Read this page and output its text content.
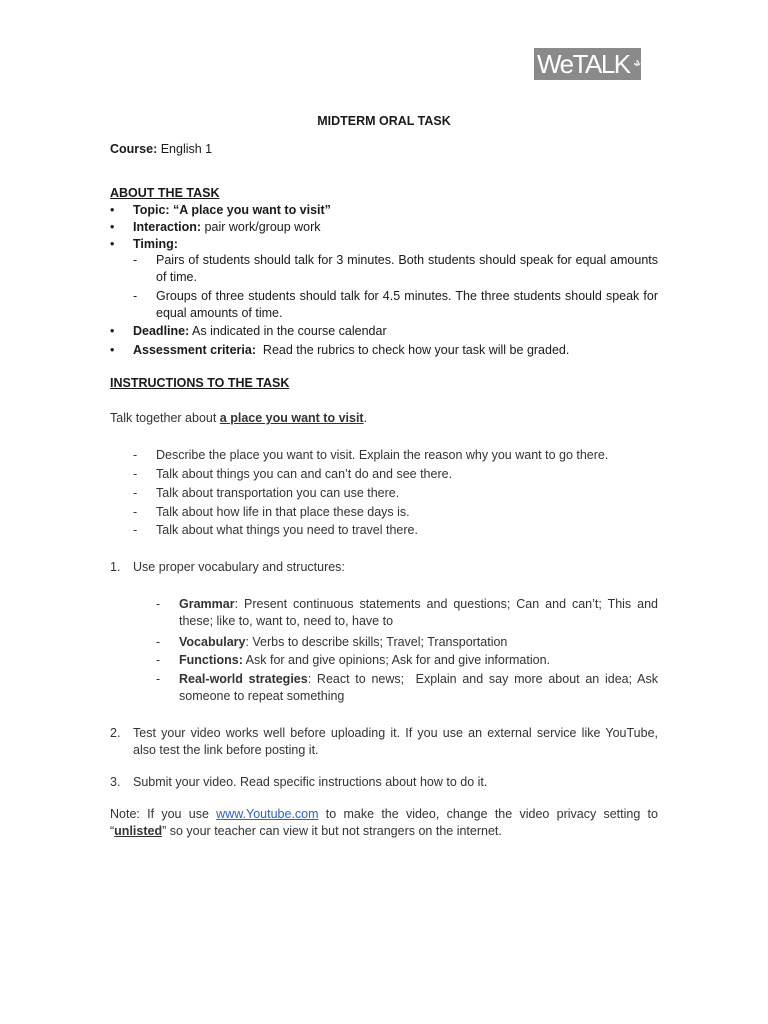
WeTALK
MIDTERM ORAL TASK
Course: English 1
ABOUT THE TASK
•	Topic: “A place you want to visit”
•	Interaction: pair work/group work
•	Timing:
- Pairs of students should talk for 3 minutes. Both students should speak for equal amounts of time.
- Groups of three students should talk for 4.5 minutes. The three students should speak for equal amounts of time.
•	Deadline: As indicated in the course calendar
•	Assessment criteria:  Read the rubrics to check how your task will be graded.
INSTRUCTIONS TO THE TASK
Talk together about a place you want to visit.
- Describe the place you want to visit. Explain the reason why you want to go there.
- Talk about things you can and can’t do and see there.
- Talk about transportation you can use there.
- Talk about how life in that place these days is.
- Talk about what things you need to travel there.
1. Use proper vocabulary and structures:
- Grammar: Present continuous statements and questions; Can and can’t; This and these; like to, want to, need to, have to
- Vocabulary: Verbs to describe skills; Travel; Transportation
- Functions: Ask for and give opinions; Ask for and give information.
- Real-world strategies: React to news;  Explain and say more about an idea; Ask someone to repeat something
2. Test your video works well before uploading it. If you use an external service like YouTube, also test the link before posting it.
3. Submit your video. Read specific instructions about how to do it.
Note: If you use www.Youtube.com to make the video, change the video privacy setting to “unlisted” so your teacher can view it but not strangers on the internet.
